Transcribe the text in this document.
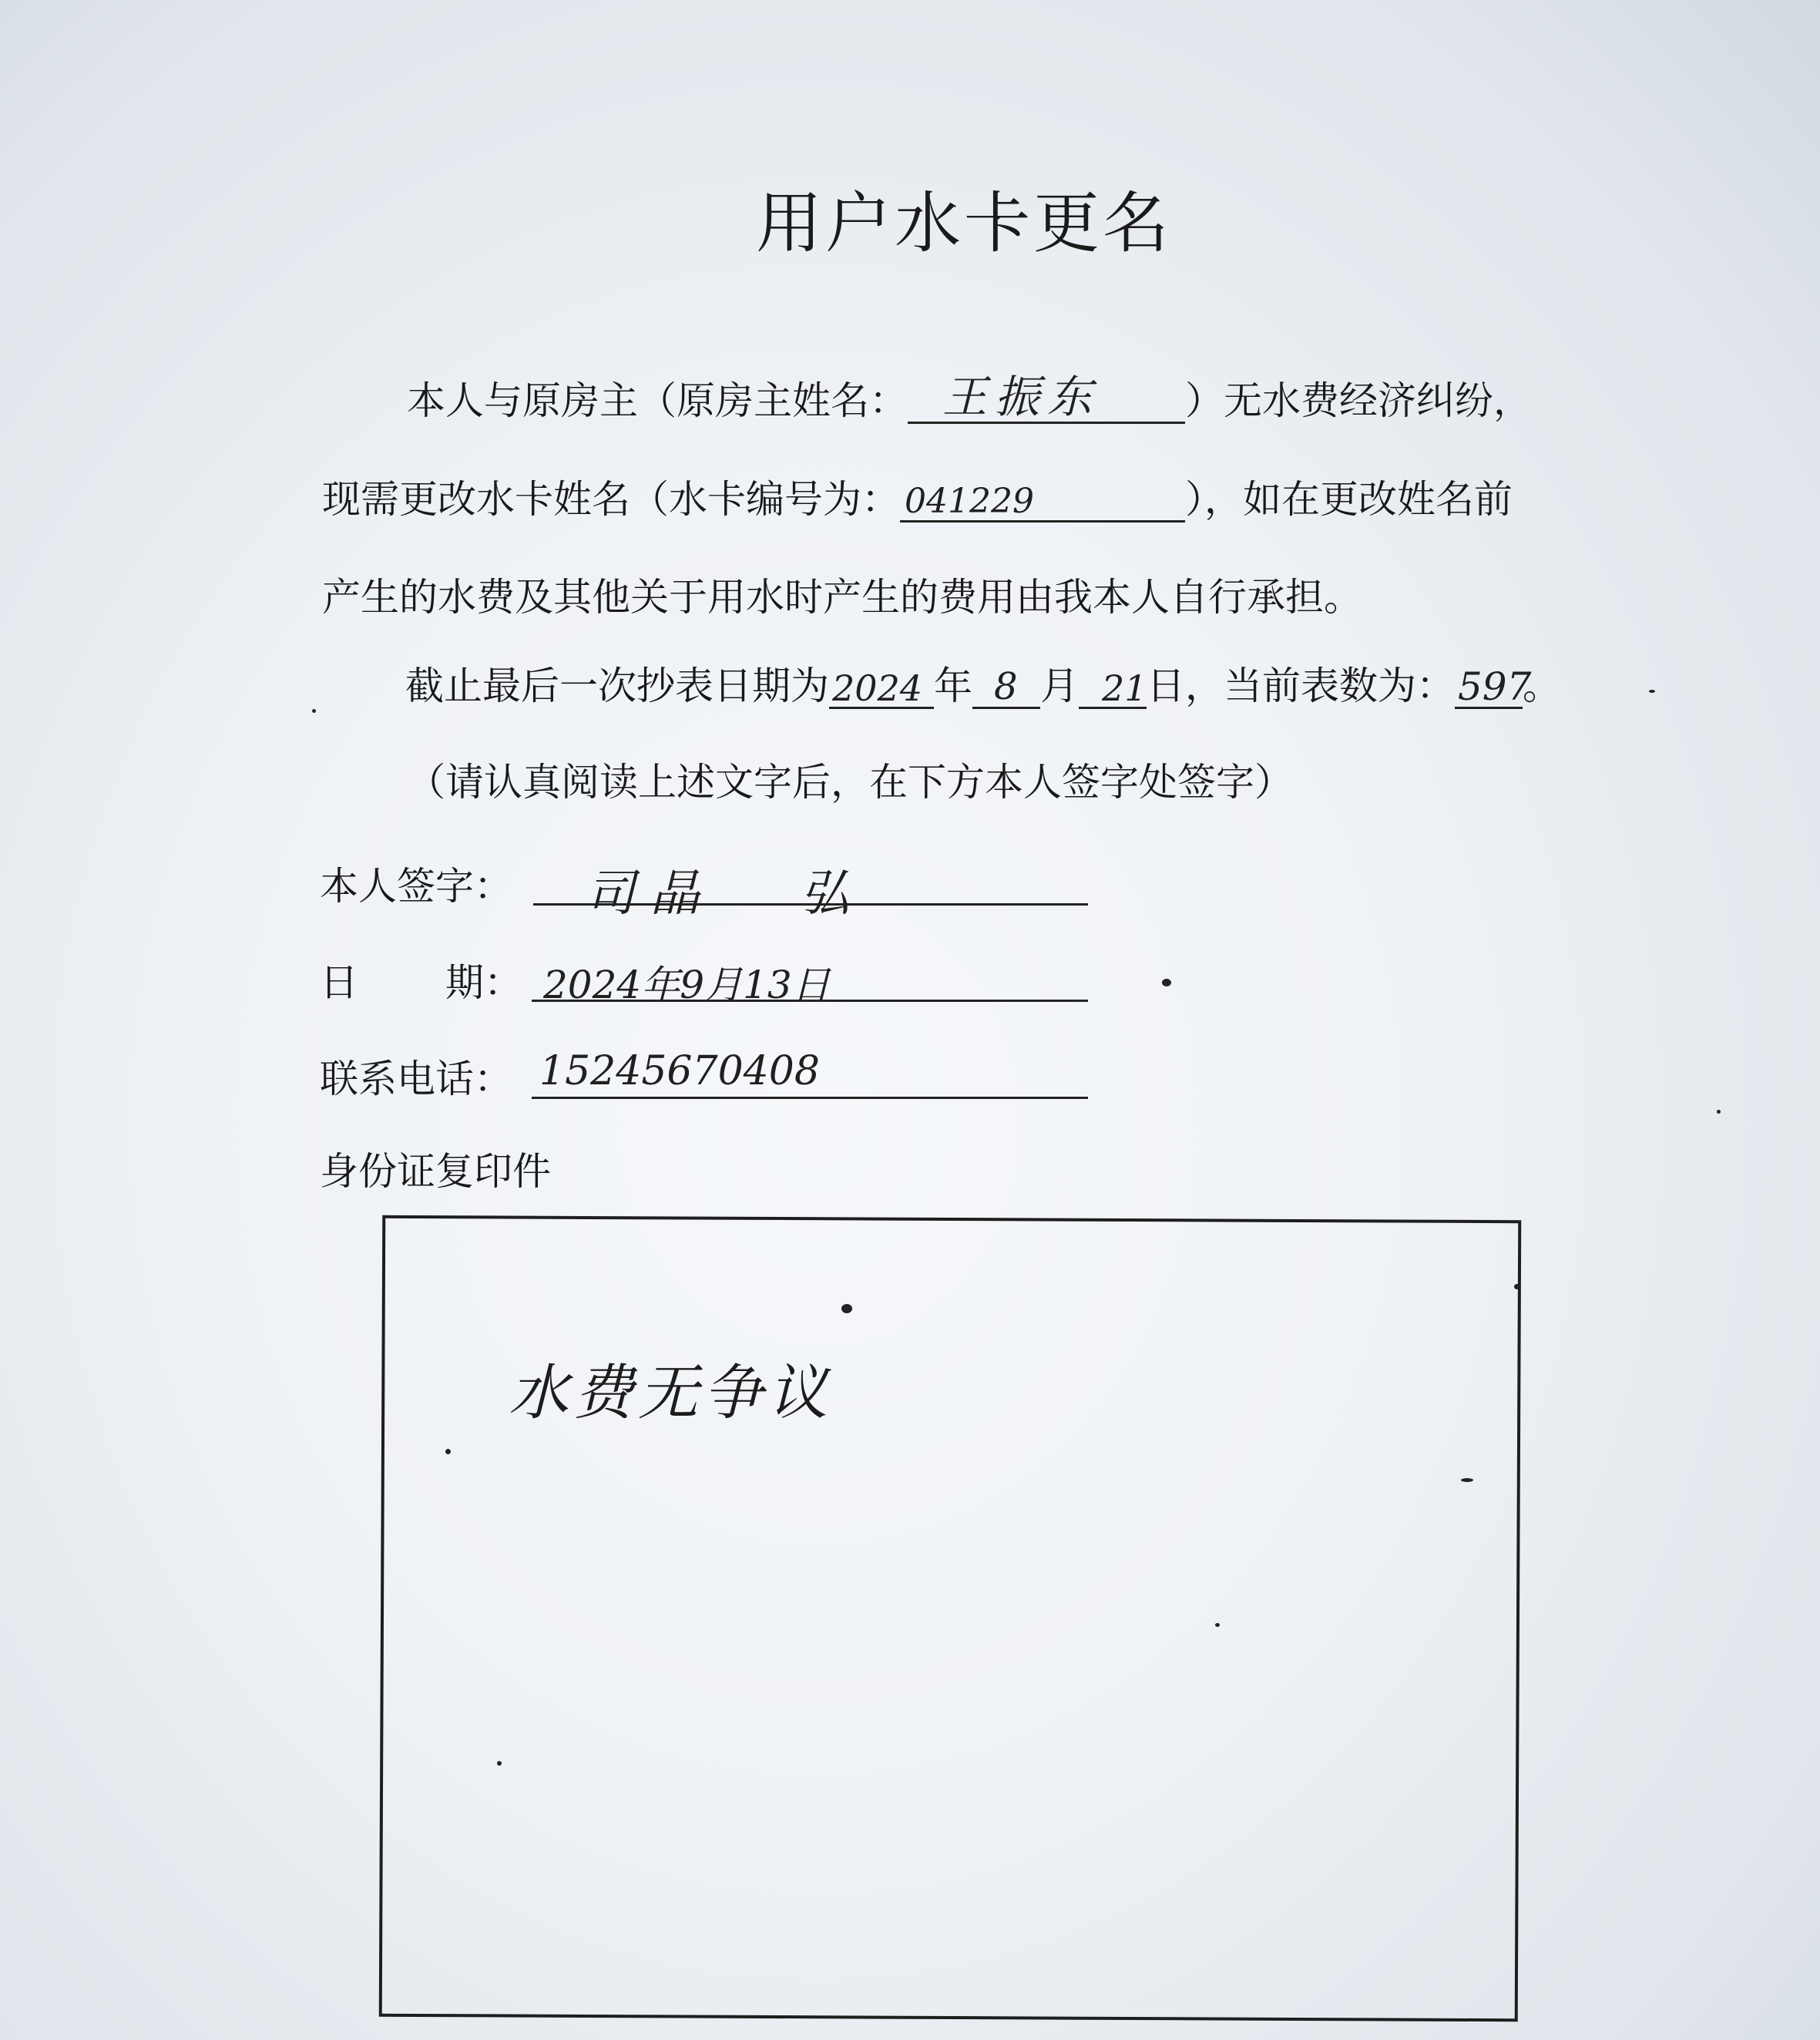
用户水卡更名
本人与原房主（原房主姓名： 王振东 ）无水费经济纠纷，
现需更改水卡姓名（水卡编号为： 041229	），如在更改姓名前
产生的水费及其他关于用水时产生的费用由我本人自行承担。
截止最后一次抄表日期为 2024 年 8 月 21 日，当前表数为： 597
。
（请认真阅读上述文字后，在下方本人签字处签字）
本人签字： 司晶 弘
日 期： 2024年9月13日
联系电话： 15245670408
身份证复印件
水费无争议
